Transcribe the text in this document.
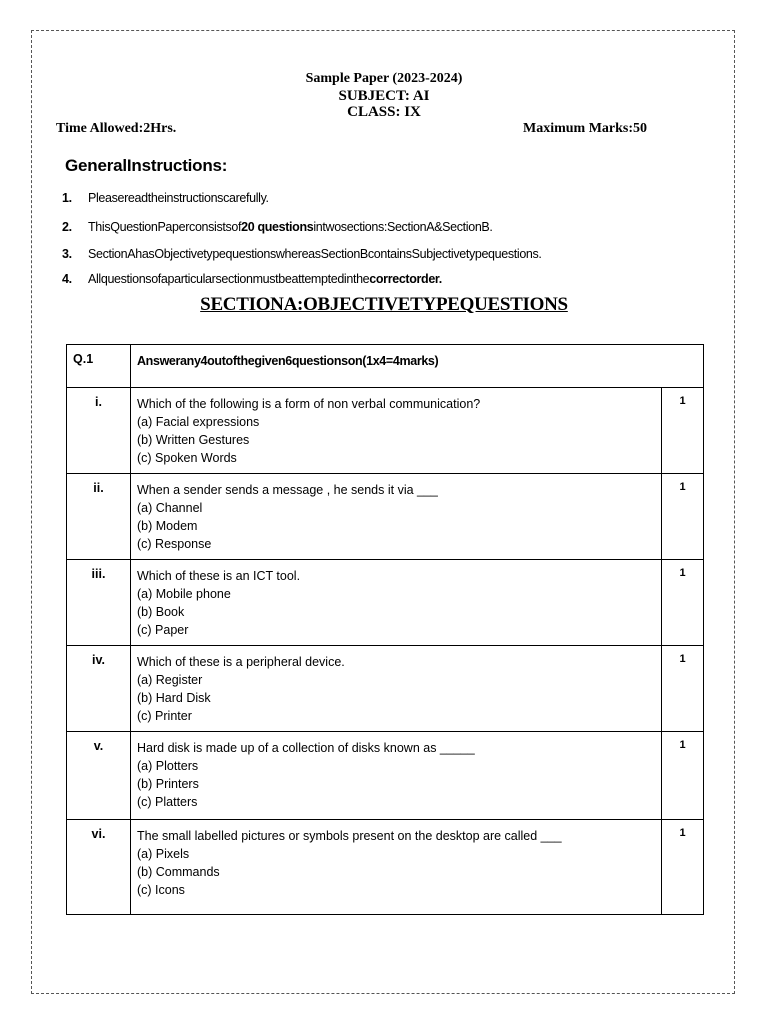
Sample Paper (2023-2024)
SUBJECT: AI
CLASS: IX
Time Allowed:2Hrs.	Maximum Marks:50
GeneralInstructions:
1. Pleasereadtheinstructionscarefully.
2. ThisQuestionPaperconsistsof20 questionsintwosections:SectionA&SectionB.
3. SectionAhasObjectivetypequestionswhereasSectionBcontainsSubjectivetypequestions.
4. Allquestionsofaparticularsectionmustbeattemptedinthecorrectorder.
SECTIONA:OBJECTIVETYPEQUESTIONS
Q.1	Answerany4outofthegiven6questionson(1x4=4marks)	
i.	Which of the following is a form of non verbal communication?
(a) Facial expressions
(b) Written Gestures
(c) Spoken Words	1
ii.	When a sender sends a message , he sends it via ___
(a) Channel
(b) Modem
(c) Response	1
iii.	Which of these is an ICT tool.
(a) Mobile phone
(b) Book
(c) Paper	1
iv.	Which of these is a peripheral device.
(a) Register
(b) Hard Disk
(c) Printer	1
v.	Hard disk is made up of a collection of disks known as _____
(a) Plotters
(b) Printers
(c) Platters	1
vi.	The small labelled pictures or symbols present on the desktop are called ___
(a) Pixels
(b) Commands
(c) Icons	1
